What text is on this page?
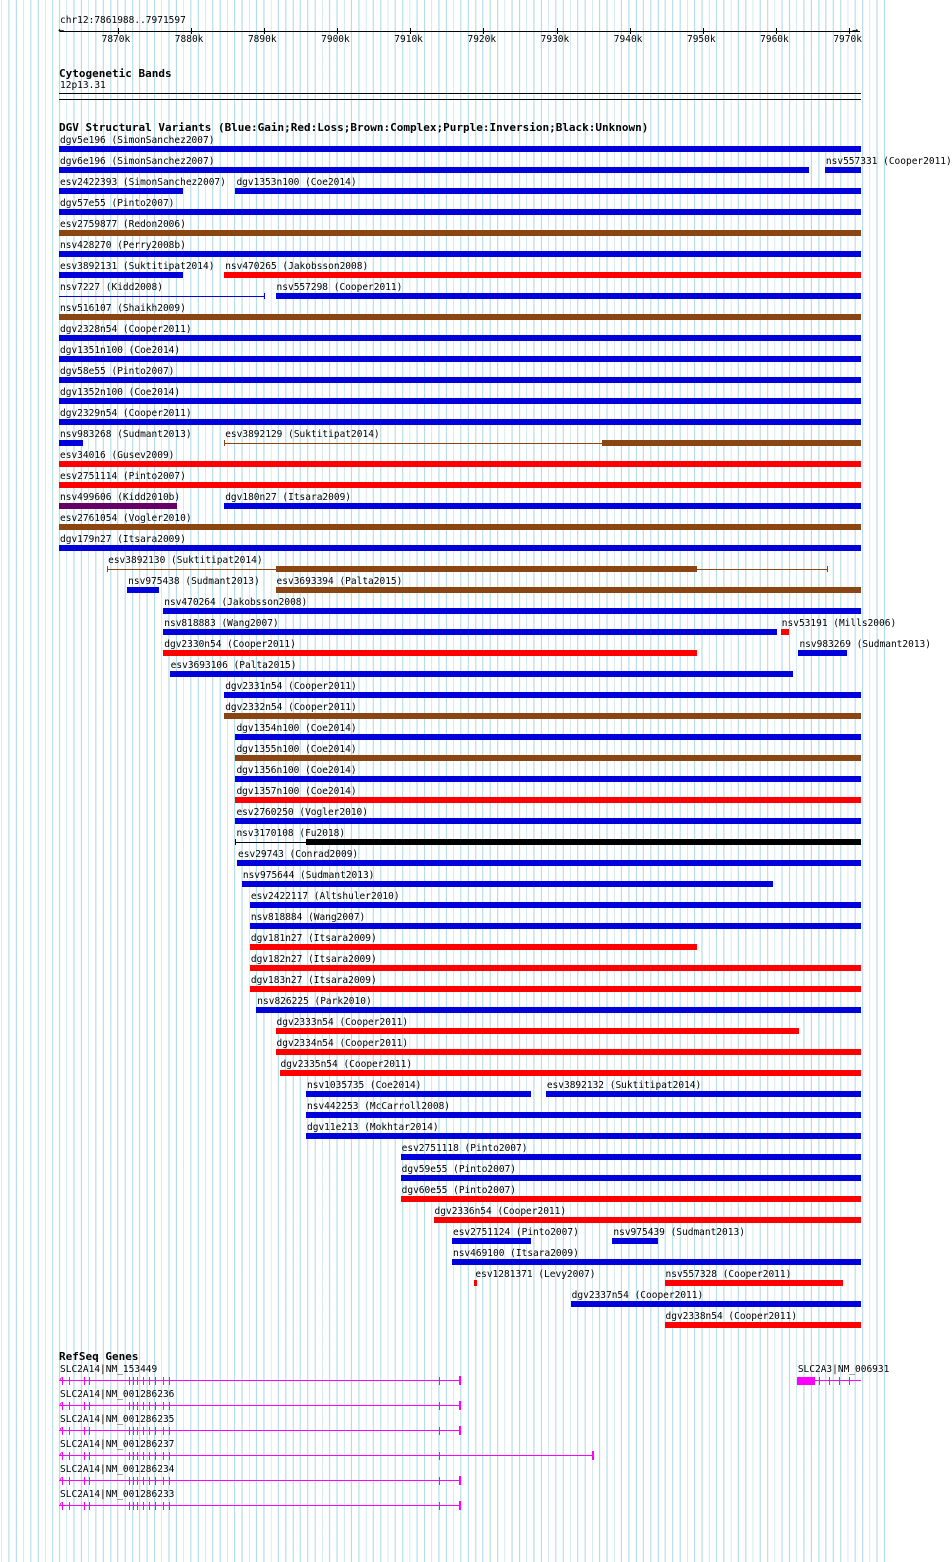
chr12:7861988..7971597
←	→
7870k	7880k	7890k	7900k	7910k	7920k	7930k	7940k	7950k	7960k	7970k
Cytogenetic Bands
12p13.31
DGV Structural Variants (Blue:Gain;Red:Loss;Brown:Complex;Purple:Inversion;Black:Unknown)
dgv5e196 (SimonSanchez2007)
dgv6e196 (SimonSanchez2007)	nsv557331 (Cooper2011)
esv2422393 (SimonSanchez2007) dgv1353n100 (Coe2014)
dgv57e55 (Pinto2007)
esv2759877 (Redon2006)
nsv428270 (Perry2008b)
esv3892131 (Suktitipat2014) nsv470265 (Jakobsson2008)
nsv7227 (Kidd2008)	nsv557298 (Cooper2011)
nsv516107 (Shaikh2009)
dgv2328n54 (Cooper2011)
dgv1351n100 (Coe2014)
dgv58e55 (Pinto2007)
dgv1352n100 (Coe2014)
dgv2329n54 (Cooper2011)
nsv983268 (Sudmant2013)	esv3892129 (Suktitipat2014)
esv34016 (Gusev2009)
esv2751114 (Pinto2007)
nsv499606 (Kidd2010b)	dgv180n27 (Itsara2009)
esv2761054 (Vogler2010)
dgv179n27 (Itsara2009)
esv3892130 (Suktitipat2014)
nsv975438 (Sudmant2013) esv3693394 (Palta2015)
nsv470264 (Jakobsson2008)
nsv818883 (Wang2007)	nsv53191 (Mills2006)
dgv2330n54 (Cooper2011)	nsv983269 (Sudmant2013)
esv3693106 (Palta2015)
dgv2331n54 (Cooper2011)
dgv2332n54 (Cooper2011)
dgv1354n100 (Coe2014)
dgv1355n100 (Coe2014)
dgv1356n100 (Coe2014)
dgv1357n100 (Coe2014)
esv2760250 (Vogler2010)
nsv3170108 (Fu2018)
esv29743 (Conrad2009)
nsv975644 (Sudmant2013)
esv2422117 (Altshuler2010)
nsv818884 (Wang2007)
dgv181n27 (Itsara2009)
dgv182n27 (Itsara2009)
dgv183n27 (Itsara2009)
nsv826225 (Park2010)
dgv2333n54 (Cooper2011)
dgv2334n54 (Cooper2011)
dgv2335n54 (Cooper2011)
nsv1035735 (Coe2014)	esv3892132 (Suktitipat2014)
nsv442253 (McCarroll2008)
dgv11e213 (Mokhtar2014)
esv2751118 (Pinto2007)
dgv59e55 (Pinto2007)
dgv60e55 (Pinto2007)
dgv2336n54 (Cooper2011)
esv2751124 (Pinto2007)	nsv975439 (Sudmant2013)
nsv469100 (Itsara2009)
esv1281371 (Levy2007)	nsv557328 (Cooper2011)
dgv2337n54 (Cooper2011)
dgv2338n54 (Cooper2011)
RefSeq Genes
SLC2A14|NM_153449
‹
SLC2A14|NM_001286236
‹
SLC2A14|NM_001286235
‹
SLC2A14|NM_001286237
‹
SLC2A14|NM_001286234
‹
SLC2A14|NM_001286233
‹
SLC2A3|NM_006931
‹
